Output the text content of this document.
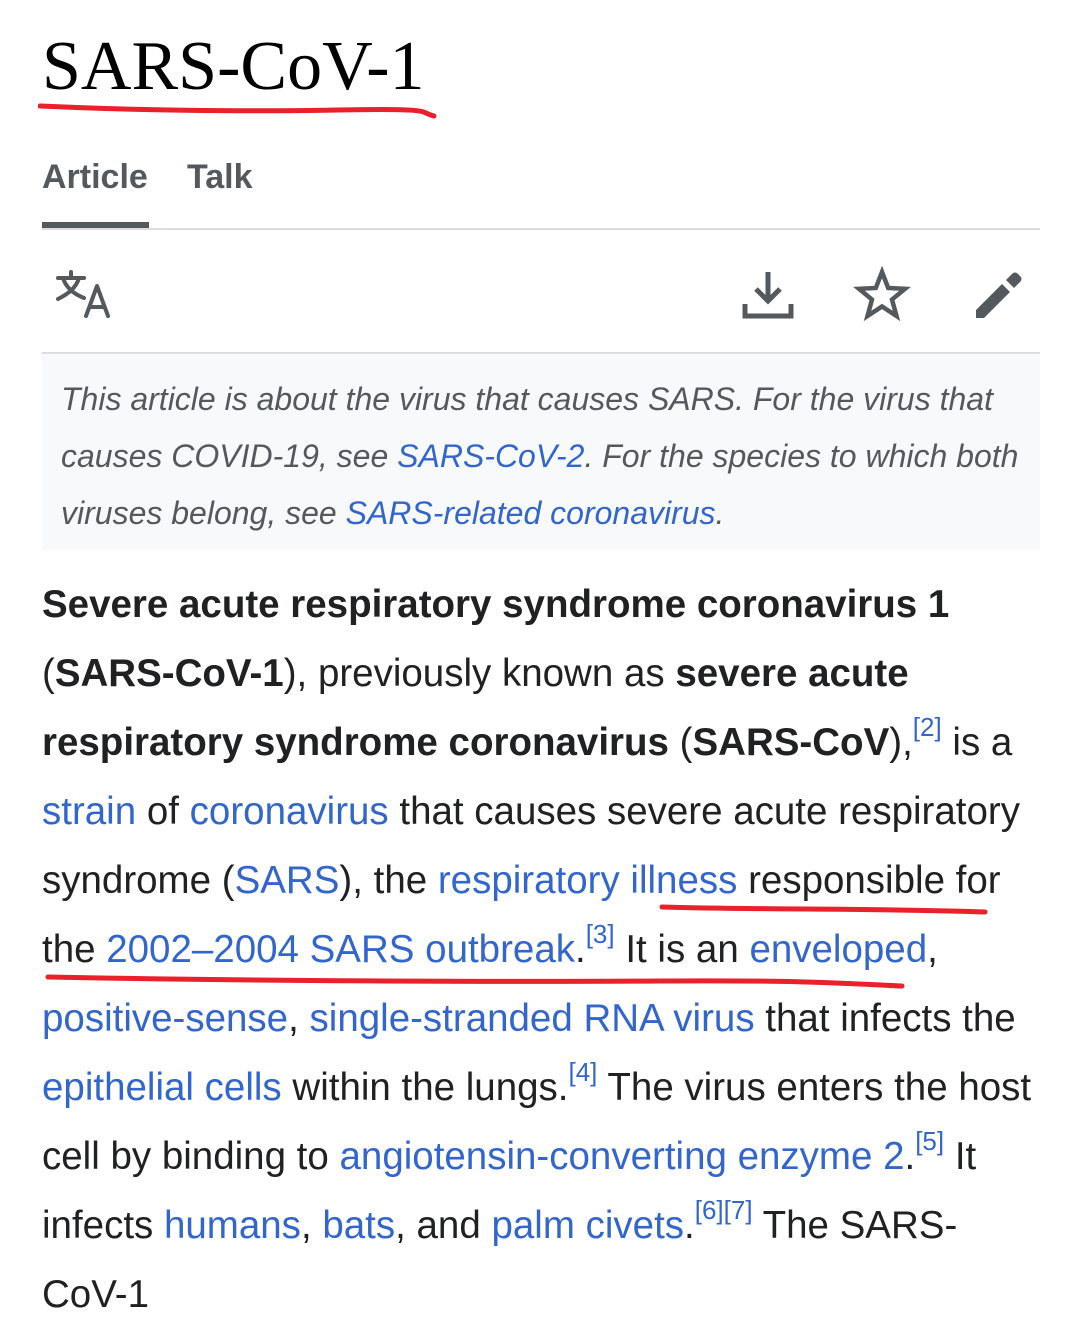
SARS-CoV-1
Article Talk
This article is about the virus that causes SARS. For the virus that causes COVID-19, see SARS-CoV-2. For the species to which both viruses belong, see SARS-related coronavirus.
Severe acute respiratory syndrome coronavirus 1 (SARS-CoV-1), previously known as severe acute respiratory syndrome coronavirus (SARS-CoV),[2] is a strain of coronavirus that causes severe acute respiratory syndrome (SARS), the respiratory illness responsible for the 2002–2004 SARS outbreak.[3] It is an enveloped, positive-sense, single-stranded RNA virus that infects the epithelial cells within the lungs.[4] The virus enters the host cell by binding to angiotensin-converting enzyme 2.[5] It infects humans, bats, and palm civets.[6][7] The SARS-CoV-1
